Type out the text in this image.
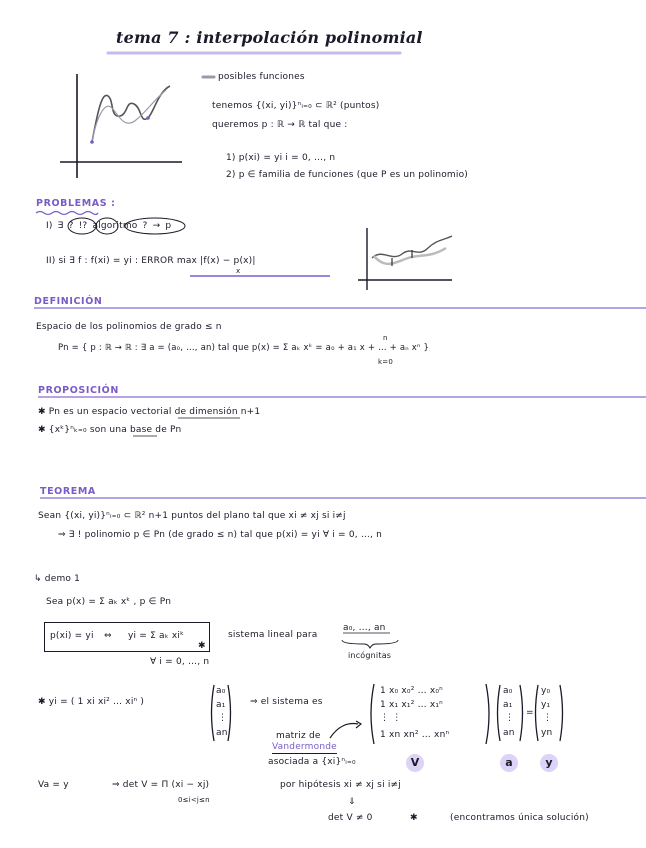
tema 7 : interpolación polinomial
posibles funciones
tenemos {(xi, yi)}ⁿᵢ₌₀ ⊂ ℝ² (puntos)
queremos p : ℝ → ℝ tal que :
1) p(xi) = yi i = 0, …, n
2) p ∈ familia de funciones (que P es un polinomio)
PROBLEMAS :
I) ∃ ? !? algoritmo ? → p
II) si ∃ f : f(xi) = yi : ERROR max |f(x) − p(x)|
x
DEFINICIÓN
Espacio de los polinomios de grado ≤ n
Pn = { p : ℝ → ℝ : ∃ a = (a₀, …, an) tal que p(x) = Σ aₖ xᵏ = a₀ + a₁ x + … + aₙ xⁿ }
n
k=0
PROPOSICIÓN
✱ Pn es un espacio vectorial de dimensión n+1
✱ {xᵏ}ⁿₖ₌₀ son una base de Pn
TEOREMA
Sean {(xi, yi)}ⁿᵢ₌₀ ⊂ ℝ² n+1 puntos del plano tal que xi ≠ xj si i≠j
⇒ ∃ ! polinomio p ∈ Pn (de grado ≤ n) tal que p(xi) = yi ∀ i = 0, …, n
↳ demo 1
Sea p(x) = Σ aₖ xᵏ , p ∈ Pn
p(xi) = yi ⇔ yi = Σ aₖ xiᵏ
✱
∀ i = 0, …, n
sistema lineal para
a₀, …, an
incógnitas
✱ yi = ( 1 xi xi² … xiⁿ )
a₀
a₁
⋮
an
⇒ el sistema es
1 x₀ x₀² … x₀ⁿ
1 x₁ x₁² … x₁ⁿ
⋮ ⋮
1 xn xn² … xnⁿ
a₀
a₁
⋮
an
=
y₀
y₁
⋮
yn
matriz de
Vandermonde
asociada a {xi}ⁿᵢ₌₀	V	a	y
Va = y	⇒ det V = Π (xi − xj)
0≤i<j≤n
por hipótesis xi ≠ xj si i≠j
⇓
det V ≠ 0	✱	(encontramos única solución)
